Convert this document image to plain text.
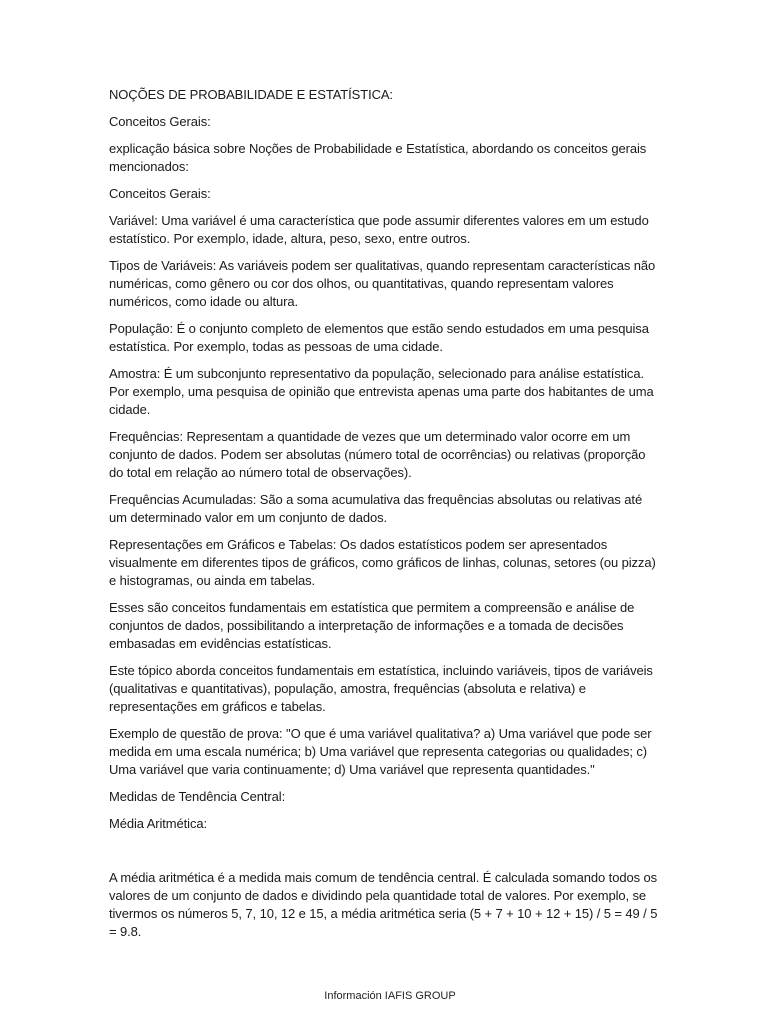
NOÇÕES DE PROBABILIDADE E ESTATÍSTICA:

Conceitos Gerais:

explicação básica sobre Noções de Probabilidade e Estatística, abordando os conceitos gerais mencionados:

Conceitos Gerais:

Variável: Uma variável é uma característica que pode assumir diferentes valores em um estudo estatístico. Por exemplo, idade, altura, peso, sexo, entre outros.

Tipos de Variáveis: As variáveis podem ser qualitativas, quando representam características não numéricas, como gênero ou cor dos olhos, ou quantitativas, quando representam valores numéricos, como idade ou altura.

População: É o conjunto completo de elementos que estão sendo estudados em uma pesquisa estatística. Por exemplo, todas as pessoas de uma cidade.

Amostra: É um subconjunto representativo da população, selecionado para análise estatística. Por exemplo, uma pesquisa de opinião que entrevista apenas uma parte dos habitantes de uma cidade.

Frequências: Representam a quantidade de vezes que um determinado valor ocorre em um conjunto de dados. Podem ser absolutas (número total de ocorrências) ou relativas (proporção do total em relação ao número total de observações).

Frequências Acumuladas: São a soma acumulativa das frequências absolutas ou relativas até um determinado valor em um conjunto de dados.

Representações em Gráficos e Tabelas: Os dados estatísticos podem ser apresentados visualmente em diferentes tipos de gráficos, como gráficos de linhas, colunas, setores (ou pizza) e histogramas, ou ainda em tabelas.

Esses são conceitos fundamentais em estatística que permitem a compreensão e análise de conjuntos de dados, possibilitando a interpretação de informações e a tomada de decisões embasadas em evidências estatísticas.

Este tópico aborda conceitos fundamentais em estatística, incluindo variáveis, tipos de variáveis (qualitativas e quantitativas), população, amostra, frequências (absoluta e relativa) e representações em gráficos e tabelas.

Exemplo de questão de prova: "O que é uma variável qualitativa? a) Uma variável que pode ser medida em uma escala numérica; b) Uma variável que representa categorias ou qualidades; c) Uma variável que varia continuamente; d) Uma variável que representa quantidades."

Medidas de Tendência Central:

Média Aritmética:

A média aritmética é a medida mais comum de tendência central. É calculada somando todos os valores de um conjunto de dados e dividindo pela quantidade total de valores. Por exemplo, se tivermos os números 5, 7, 10, 12 e 15, a média aritmética seria (5 + 7 + 10 + 12 + 15) / 5 = 49 / 5 = 9.8.

Información IAFIS GROUP
